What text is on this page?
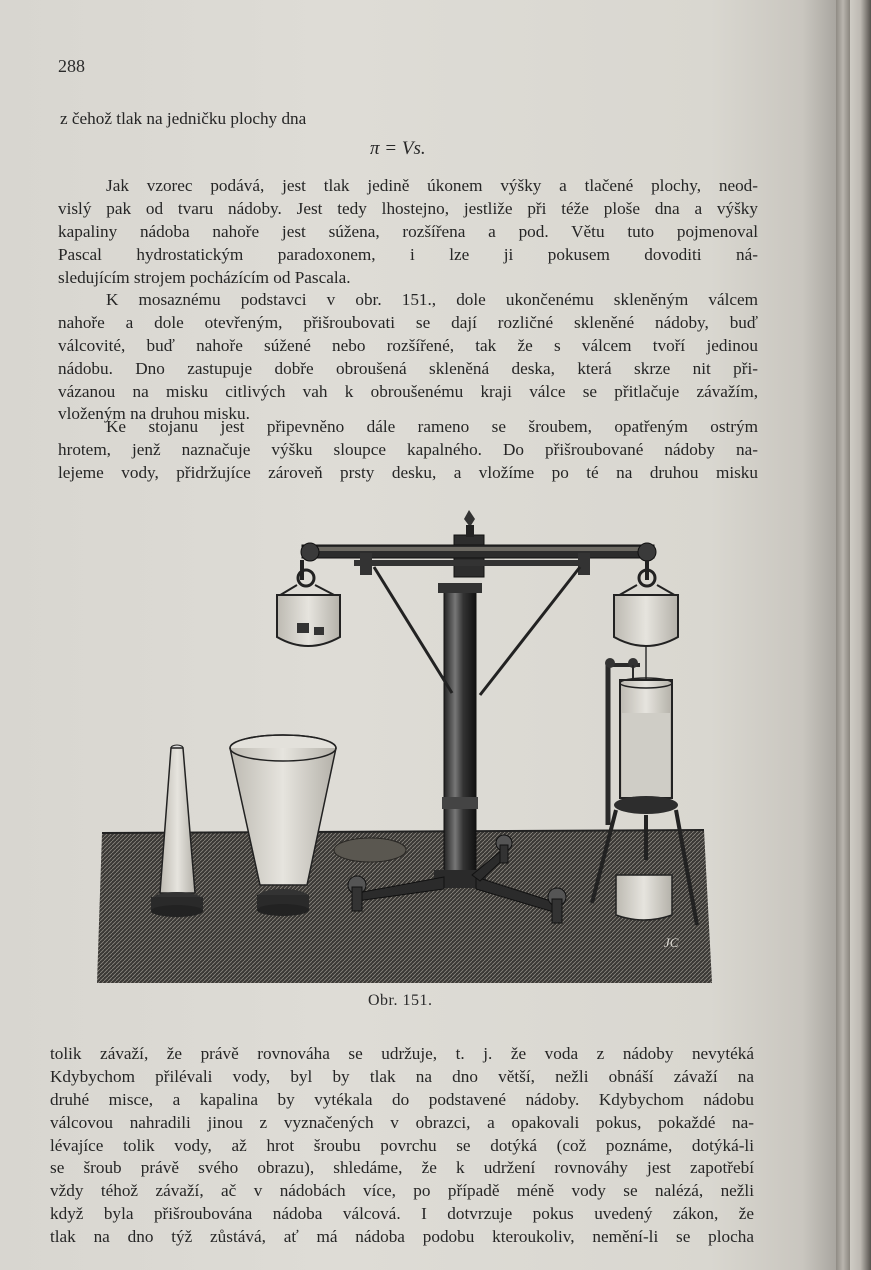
288
z čehož tlak na jedničku plochy dna
π = Vs.
Jak vzorec podává, jest tlak jedině úkonem výšky a tlačené plochy, neod-
vislý pak od tvaru nádoby. Jest tedy lhostejno, jestliže při téže ploše dna a výšky
kapaliny nádoba nahoře jest súžena, rozšířena a pod. Větu tuto pojmenoval
Pascal hydrostatickým paradoxonem, i lze ji pokusem dovoditi ná-
sledujícím strojem pocházícím od Pascala.
K mosaznému podstavci v obr. 151., dole ukončenému skleněným válcem
nahoře a dole otevřeným, přišroubovati se dají rozličné skleněné nádoby, buď
válcovité, buď nahoře súžené nebo rozšířené, tak že s válcem tvoří jedinou
nádobu. Dno zastupuje dobře obroušená skleněná deska, která skrze nit při-
vázanou na misku citlivých vah k obroušenému kraji válce se přitlačuje závažím,
vloženým na druhou misku.
Ke stojanu jest připevněno dále rameno se šroubem, opatřeným ostrým
hrotem, jenž naznačuje výšku sloupce kapalného. Do přišroubované nádoby na-
lejeme vody, přidržujíce zároveň prsty desku, a vložíme po té na druhou misku
JC
Obr. 151.
tolik závaží, že právě rovnováha se udržuje, t. j. že voda z nádoby nevytéká
Kdybychom přilévali vody, byl by tlak na dno větší, nežli obnáší závaží na
druhé misce, a kapalina by vytékala do podstavené nádoby. Kdybychom nádobu
válcovou nahradili jinou z vyznačených v obrazci, a opakovali pokus, pokaždé na-
lévajíce tolik vody, až hrot šroubu povrchu se dotýká (což poznáme, dotýká-li
se šroub právě svého obrazu), shledáme, že k udržení rovnováhy jest zapotřebí
vždy téhož závaží, ač v nádobách více, po případě méně vody se nalézá, nežli
když byla přišroubována nádoba válcová. I dotvrzuje pokus uvedený zákon, že
tlak na dno týž zůstává, ať má nádoba podobu kteroukoliv, nemění-li se plocha
